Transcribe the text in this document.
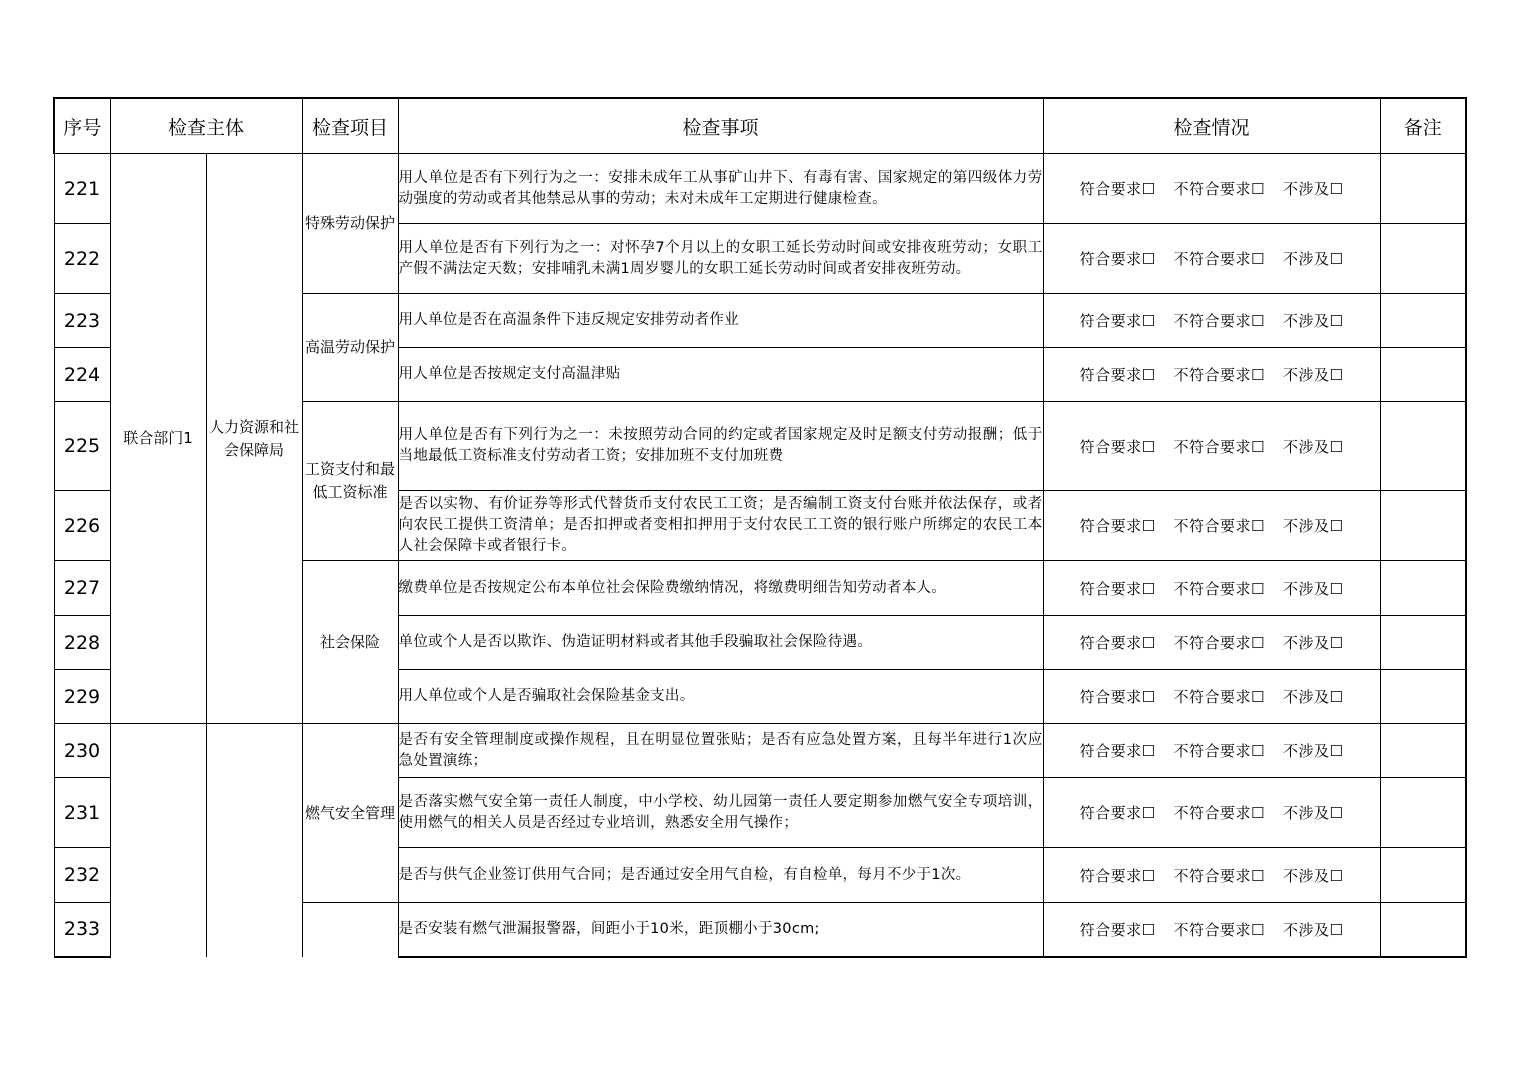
序号	检查主体		检查项目	检查事项	检查情况	备注
221	联合部门1	人力资源和社会保障局	特殊劳动保护	用人单位是否有下列行为之一：安排未成年工从事矿山井下、有毒有害、国家规定的第四级体力劳动强度的劳动或者其他禁忌从事的劳动；未对未成年工定期进行健康检查。	符合要求☐ 不符合要求☐ 不涉及☐	
222				用人单位是否有下列行为之一：对怀孕7个月以上的女职工延长劳动时间或安排夜班劳动；女职工产假不满法定天数；安排哺乳未满1周岁婴儿的女职工延长劳动时间或者安排夜班劳动。	符合要求☐ 不符合要求☐ 不涉及☐	
223			高温劳动保护	用人单位是否在高温条件下违反规定安排劳动者作业	符合要求☐ 不符合要求☐ 不涉及☐	
224				用人单位是否按规定支付高温津贴	符合要求☐ 不符合要求☐ 不涉及☐	
225			工资支付和最低工资标准	用人单位是否有下列行为之一：未按照劳动合同的约定或者国家规定及时足额支付劳动报酬；低于当地最低工资标准支付劳动者工资；安排加班不支付加班费	符合要求☐ 不符合要求☐ 不涉及☐	
226				是否以实物、有价证券等形式代替货币支付农民工工资；是否编制工资支付台账并依法保存，或者向农民工提供工资清单；是否扣押或者变相扣押用于支付农民工工资的银行账户所绑定的农民工本人社会保障卡或者银行卡。	符合要求☐ 不符合要求☐ 不涉及☐	
227			社会保险	缴费单位是否按规定公布本单位社会保险费缴纳情况，将缴费明细告知劳动者本人。	符合要求☐ 不符合要求☐ 不涉及☐	
228				单位或个人是否以欺诈、伪造证明材料或者其他手段骗取社会保险待遇。	符合要求☐ 不符合要求☐ 不涉及☐	
229				用人单位或个人是否骗取社会保险基金支出。	符合要求☐ 不符合要求☐ 不涉及☐	
230			燃气安全管理	是否有安全管理制度或操作规程，且在明显位置张贴；是否有应急处置方案，且每半年进行1次应急处置演练；	符合要求☐ 不符合要求☐ 不涉及☐	
231				是否落实燃气安全第一责任人制度，中小学校、幼儿园第一责任人要定期参加燃气安全专项培训，使用燃气的相关人员是否经过专业培训，熟悉安全用气操作；	符合要求☐ 不符合要求☐ 不涉及☐	
232				是否与供气企业签订供用气合同；是否通过安全用气自检，有自检单，每月不少于1次。	符合要求☐ 不符合要求☐ 不涉及☐	
233				是否安装有燃气泄漏报警器，间距小于10米，距顶棚小于30cm;	符合要求☐ 不符合要求☐ 不涉及☐	
